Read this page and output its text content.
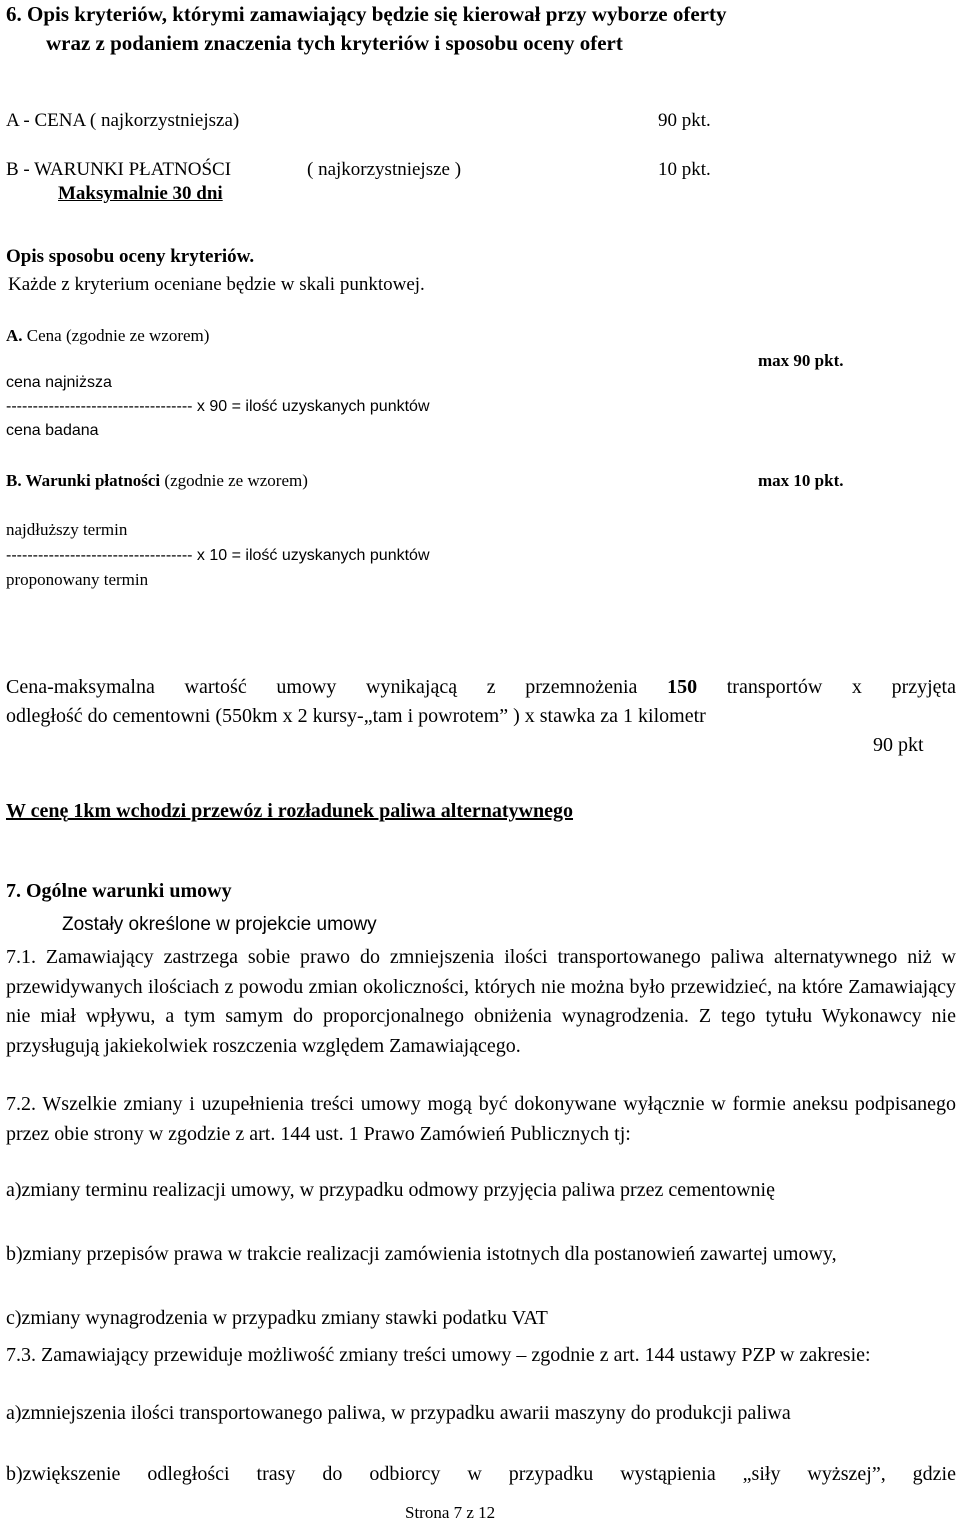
6. Opis kryteriów, którymi zamawiający będzie się kierował przy wyborze oferty
wraz z podaniem znaczenia tych kryteriów i sposobu oceny ofert
A - CENA ( najkorzystniejsza)	90 pkt.
B - WARUNKI PŁATNOŚCI	( najkorzystniejsze )	10 pkt.
Maksymalnie 30 dni
Opis sposobu oceny kryteriów.
Każde z kryterium oceniane będzie w skali punktowej.
A. Cena (zgodnie ze wzorem)
max 90 pkt.
cena najniższa
----------------------------------- x 90 = ilość uzyskanych punktów
cena badana
B. Warunki płatności (zgodnie ze wzorem)	max 10 pkt.
najdłuższy termin
----------------------------------- x 10 = ilość uzyskanych punktów
proponowany termin
Cena-maksymalna wartość umowy wynikającą z przemnożenia 150 transportów x przyjęta
odległość do cementowni (550km x 2 kursy-„tam i powrotem” ) x stawka za 1 kilometr
90 pkt
W cenę 1km wchodzi przewóz i rozładunek paliwa alternatywnego
7. Ogólne warunki umowy
Zostały określone w projekcie umowy
7.1. Zamawiający zastrzega sobie prawo do zmniejszenia ilości transportowanego paliwa alternatywnego niż w przewidywanych ilościach z powodu zmian okoliczności, których nie można było przewidzieć, na które Zamawiający nie miał wpływu, a tym samym do proporcjonalnego obniżenia wynagrodzenia. Z tego tytułu Wykonawcy nie przysługują jakiekolwiek roszczenia względem Zamawiającego.
7.2. Wszelkie zmiany i uzupełnienia treści umowy mogą być dokonywane wyłącznie w formie aneksu podpisanego przez obie strony w zgodzie z art. 144 ust. 1 Prawo Zamówień Publicznych tj:
a)zmiany terminu realizacji umowy, w przypadku odmowy przyjęcia paliwa przez cementownię
b)zmiany przepisów prawa w trakcie realizacji zamówienia istotnych dla postanowień zawartej umowy,
c)zmiany wynagrodzenia w przypadku zmiany stawki podatku VAT
7.3. Zamawiający przewiduje możliwość zmiany treści umowy – zgodnie z art. 144 ustawy PZP w zakresie:
a)zmniejszenia ilości transportowanego paliwa, w przypadku awarii maszyny do produkcji paliwa
b)zwiększenie odległości trasy do odbiorcy w przypadku wystąpienia „siły wyższej”, gdzie
Strona 7 z 12
